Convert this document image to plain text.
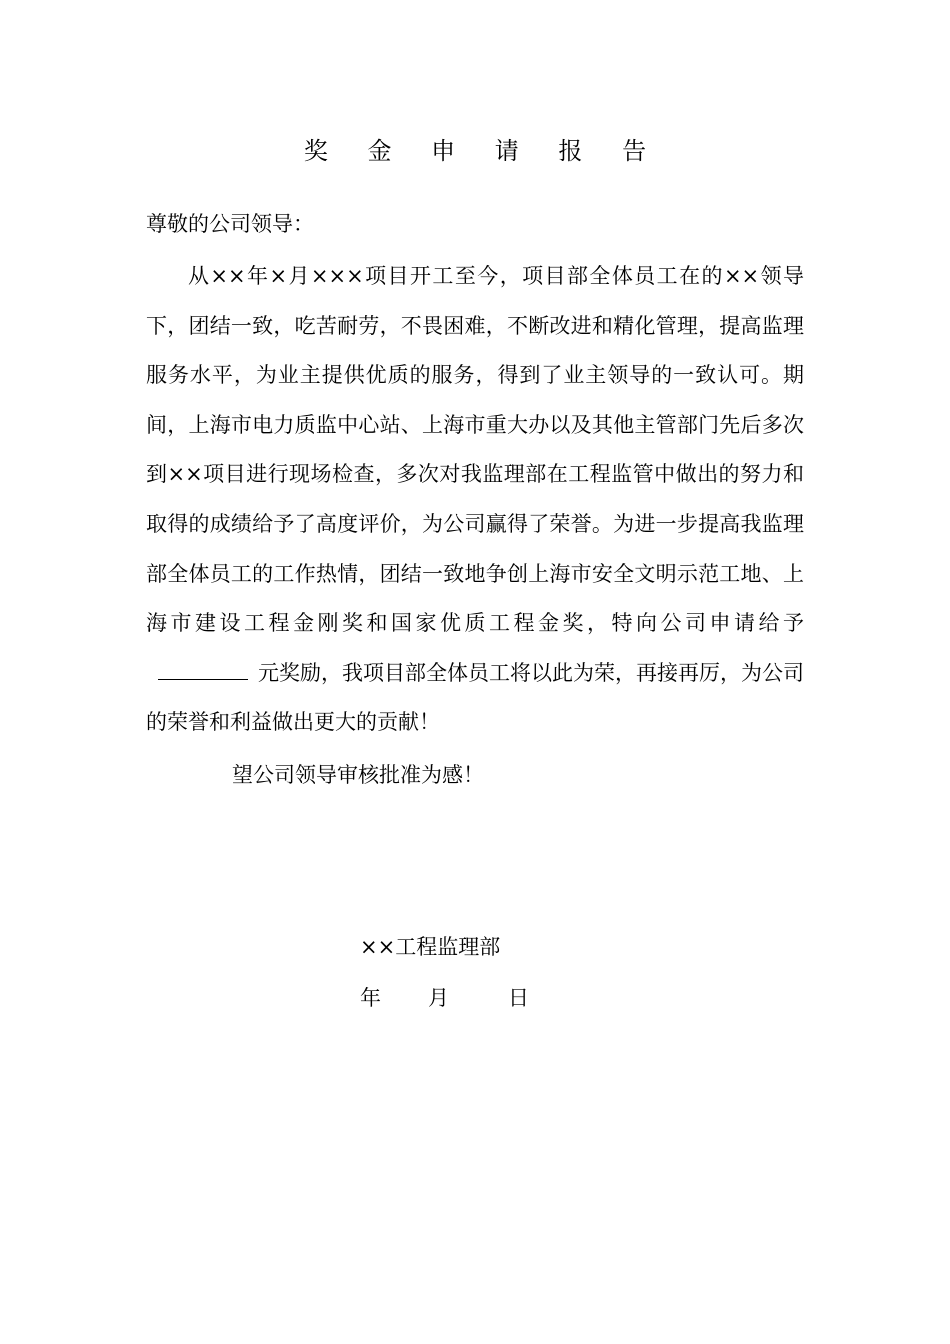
奖 金 申 请 报 告
尊敬的公司领导：
从××年×月×××项目开工至今，项目部全体员工在的××领导下，团结一致，吃苦耐劳，不畏困难，不断改进和精化管理，提高监理服务水平，为业主提供优质的服务，得到了业主领导的一致认可。期间，上海市电力质监中心站、上海市重大办以及其他主管部门先后多次到××项目进行现场检查，多次对我监理部在工程监管中做出的努力和取得的成绩给予了高度评价，为公司赢得了荣誉。为进一步提高我监理部全体员工的工作热情，团结一致地争创上海市安全文明示范工地、上海市建设工程金刚奖和国家优质工程金奖，特向公司申请给予元奖励，我项目部全体员工将以此为荣，再接再厉，为公司的荣誉和利益做出更大的贡献！
望公司领导审核批准为感！
××工程监理部
年 月	日
